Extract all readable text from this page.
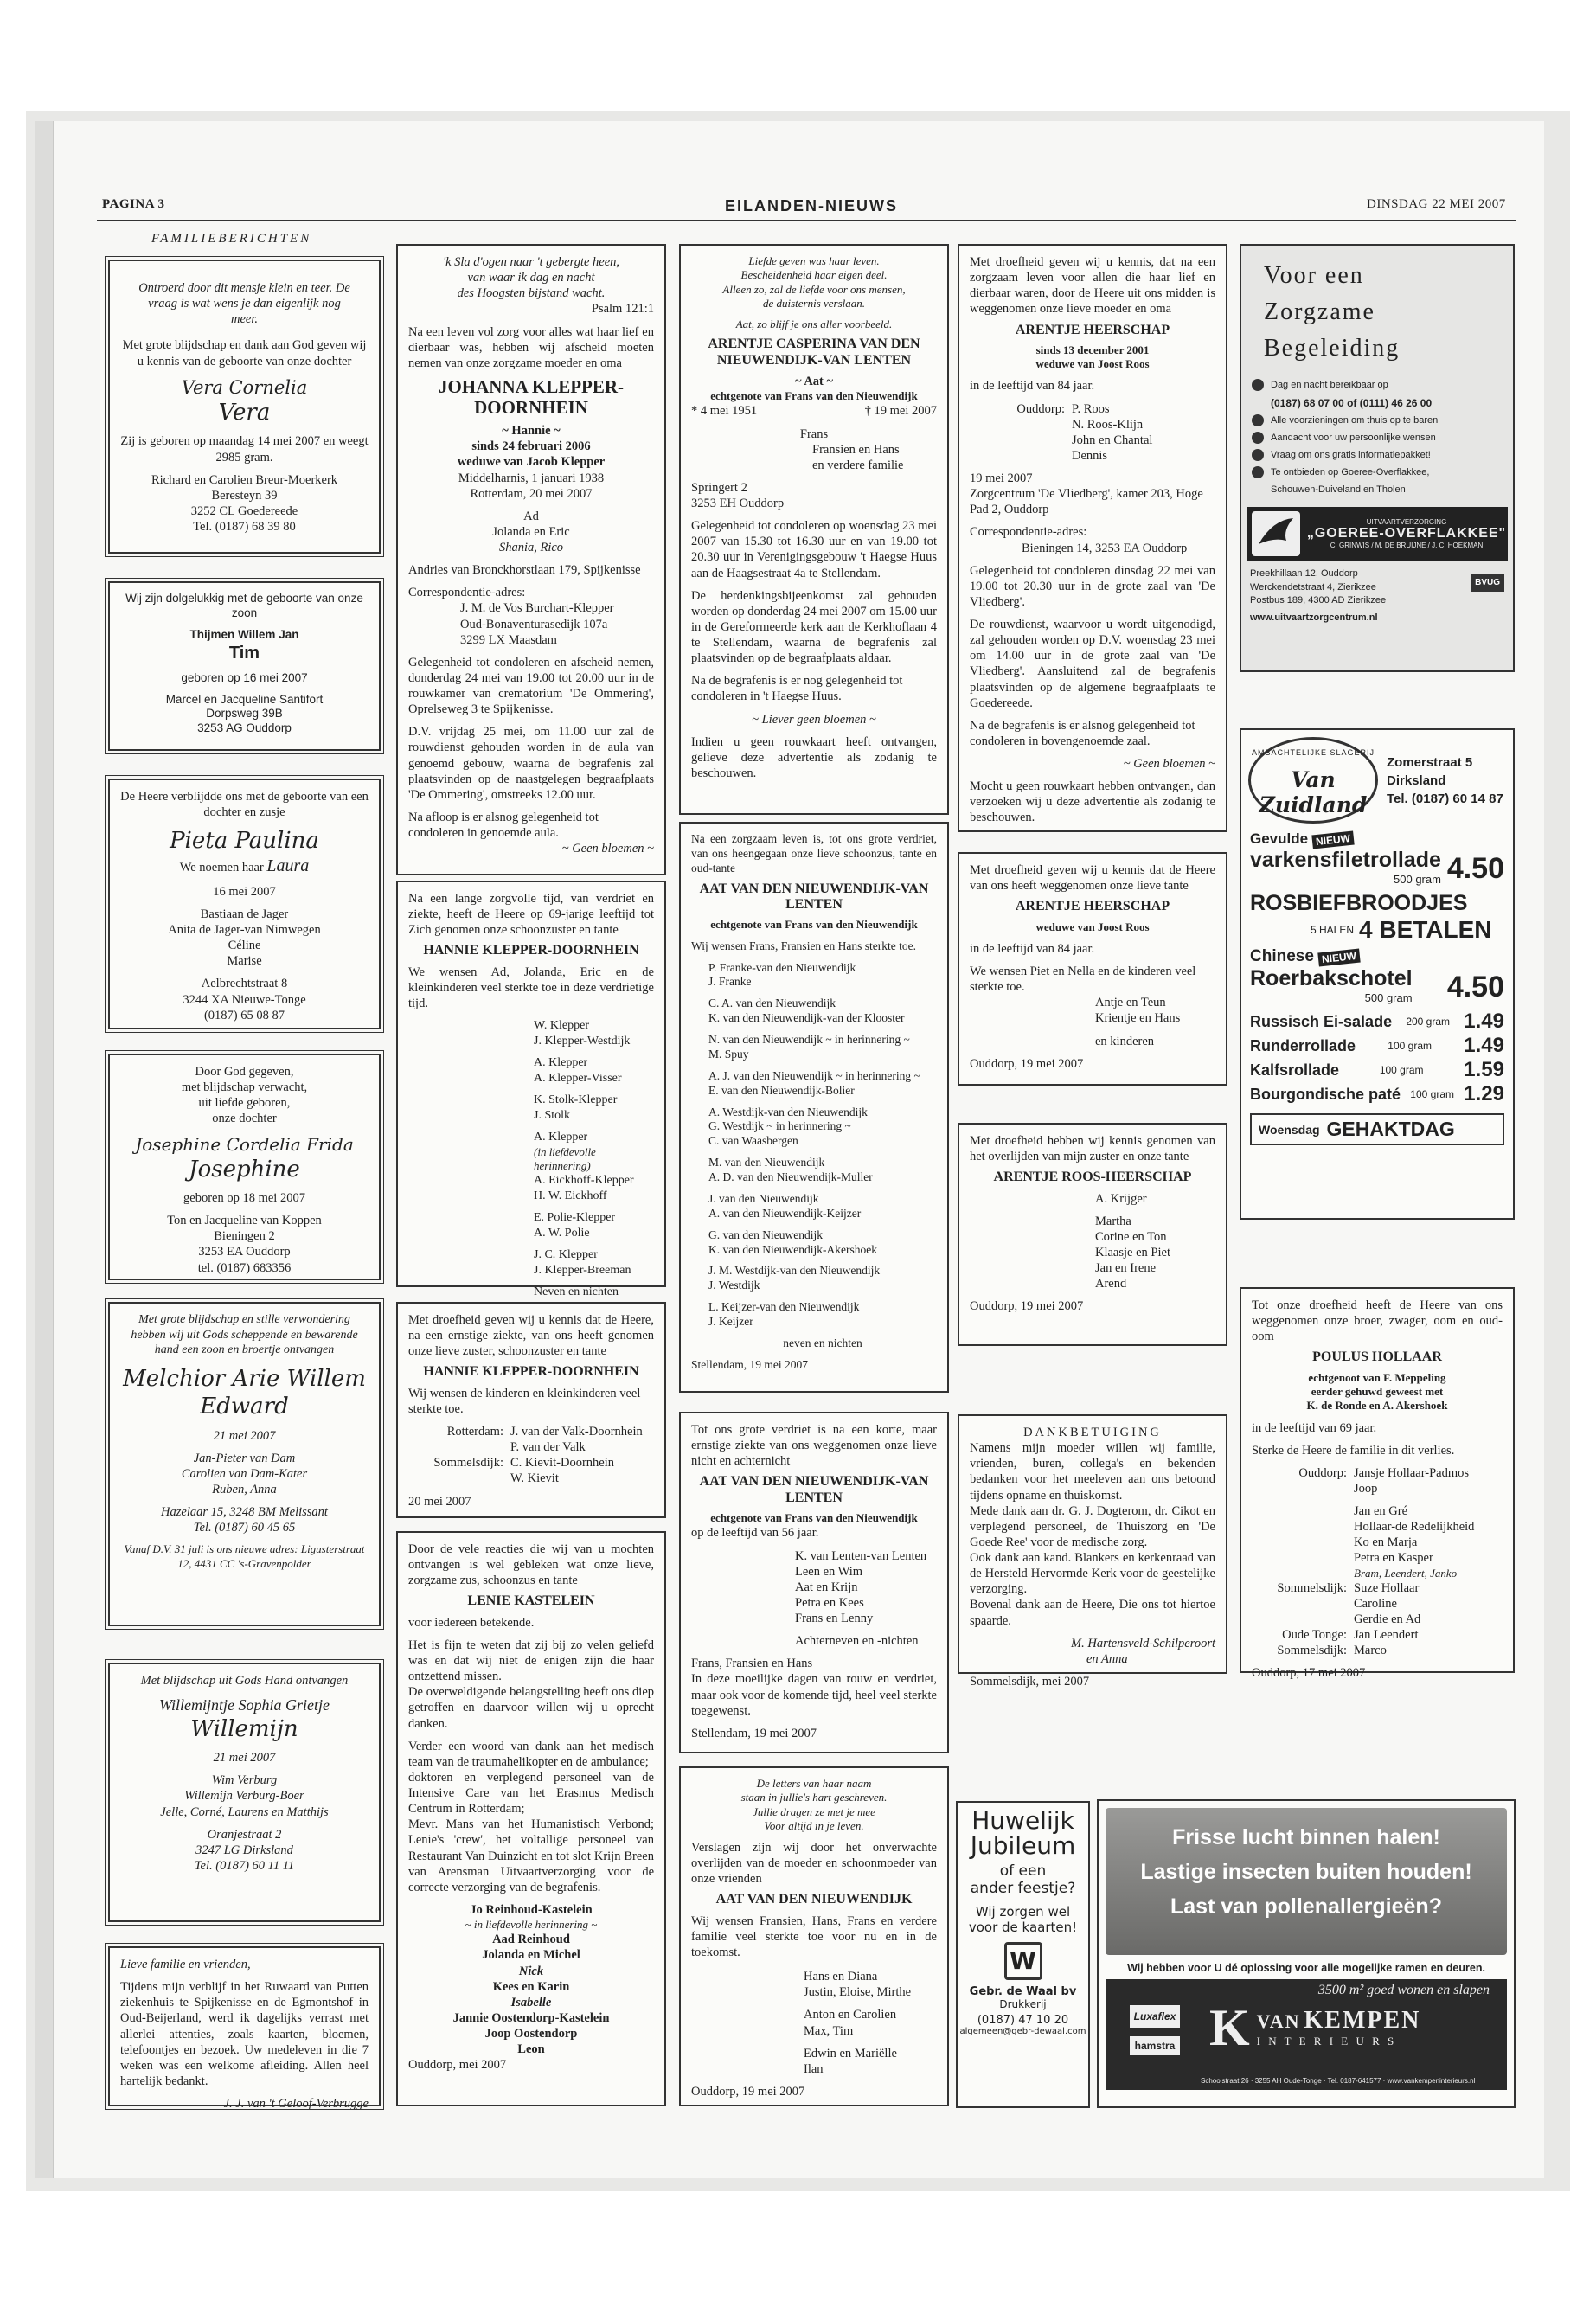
PAGINA 3	EILANDEN-NIEUWS	DINSDAG 22 MEI 2007
FAMILIEBERICHTEN
Ontroerd door dit mensje klein en teer. De vraag is wat wens je dan eigenlijk nog meer.
Met grote blijdschap en dank aan God geven wij u kennis van de geboorte van onze dochter
Vera Cornelia
Vera
Zij is geboren op maandag 14 mei 2007 en weegt 2985 gram.
Richard en Carolien Breur-Moerkerk
Beresteyn 39
3252 CL Goedereede
Tel. (0187) 68 39 80
Wij zijn dolgelukkig met de geboorte van onze zoon
Thijmen Willem Jan
Tim
geboren op 16 mei 2007
Marcel en Jacqueline Santifort
Dorpsweg 39B
3253 AG Ouddorp
De Heere verblijdde ons met de geboorte van een dochter en zusje
Pieta Paulina
We noemen haar Laura
16 mei 2007
Bastiaan de Jager
Anita de Jager-van Nimwegen
Céline
Marise
Aelbrechtstraat 8
3244 XA Nieuwe-Tonge
(0187) 65 08 87
Door God gegeven,
met blijdschap verwacht,
uit liefde geboren,
onze dochter
Josephine Cordelia Frida
Josephine
geboren op 18 mei 2007
Ton en Jacqueline van Koppen
Bieningen 2
3253 EA Ouddorp
tel. (0187) 683356
Met grote blijdschap en stille verwondering hebben wij uit Gods scheppende en bewarende hand een zoon en broertje ontvangen
Melchior Arie Willem
Edward
21 mei 2007
Jan-Pieter van Dam
Carolien van Dam-Kater
Ruben, Anna
Hazelaar 15, 3248 BM Melissant
Tel. (0187) 60 45 65
Vanaf D.V. 31 juli is ons nieuwe adres: Ligusterstraat 12, 4431 CC 's-Gravenpolder
Met blijdschap uit Gods Hand ontvangen
Willemijntje Sophia Grietje
Willemijn
21 mei 2007
Wim Verburg
Willemijn Verburg-Boer
Jelle, Corné, Laurens en Matthijs
Oranjestraat 2
3247 LG Dirksland
Tel. (0187) 60 11 11
Lieve familie en vrienden,
Tijdens mijn verblijf in het Ruwaard van Putten ziekenhuis te Spijkenisse en de Egmontshof in Oud-Beijerland, werd ik dagelijks verrast met allerlei attenties, zoals kaarten, bloemen, telefoontjes en bezoek. Uw medeleven in die 7 weken was een welkome afleiding. Allen heel hartelijk bedankt.
J. J. van 't Geloof-Verbrugge
'k Sla d'ogen naar 't gebergte heen,
van waar ik dag en nacht
des Hoogsten bijstand wacht.
Psalm 121:1
Na een leven vol zorg voor alles wat haar lief en dierbaar was, hebben wij afscheid moeten nemen van onze zorgzame moeder en oma
JOHANNA KLEPPER-DOORNHEIN
~ Hannie ~
sinds 24 februari 2006
weduwe van Jacob Klepper
Middelharnis, 1 januari 1938
Rotterdam, 20 mei 2007
Ad
Jolanda en Eric
Shania, Rico
Andries van Bronckhorstlaan 179, Spijkenisse
Correspondentie-adres:
J. M. de Vos Burchart-Klepper
Oud-Bonaventurasedijk 107a
3299 LX Maasdam
Gelegenheid tot condoleren en afscheid nemen, donderdag 24 mei van 19.00 tot 20.00 uur in de rouwkamer van crematorium 'De Ommering', Oprelseweg 3 te Spijkenisse.
D.V. vrijdag 25 mei, om 11.00 uur zal de rouwdienst gehouden worden in de aula van genoemd gebouw, waarna de begrafenis zal plaatsvinden op de naastgelegen begraafplaats 'De Ommering', omstreeks 12.00 uur.
Na afloop is er alsnog gelegenheid tot condoleren in genoemde aula.
~ Geen bloemen ~
Na een lange zorgvolle tijd, van verdriet en ziekte, heeft de Heere op 69-jarige leeftijd tot Zich genomen onze schoonzuster en tante
HANNIE KLEPPER-DOORNHEIN
We wensen Ad, Jolanda, Eric en de kleinkinderen veel sterkte toe in deze verdrietige tijd.
W. Klepper
J. Klepper-Westdijk
A. Klepper
A. Klepper-Visser
K. Stolk-Klepper
J. Stolk
A. Klepper
(in liefdevolle herinnering)
A. Eickhoff-Klepper
H. W. Eickhoff
E. Polie-Klepper
A. W. Polie
J. C. Klepper
J. Klepper-Breeman
Neven en nichten
Met droefheid geven wij u kennis dat de Heere, na een ernstige ziekte, van ons heeft genomen onze lieve zuster, schoonzuster en tante
HANNIE KLEPPER-DOORNHEIN
Wij wensen de kinderen en kleinkinderen veel sterkte toe.
Rotterdam: J. van der Valk-Doornhein
P. van der Valk
Sommelsdijk: C. Kievit-Doornhein
W. Kievit
20 mei 2007
Door de vele reacties die wij van u mochten ontvangen is wel gebleken wat onze lieve, zorgzame zus, schoonzus en tante
LENIE KASTELEIN
voor iedereen betekende.
Het is fijn te weten dat zij bij zo velen geliefd was en dat wij niet de enigen zijn die haar ontzettend missen.
De overweldigende belangstelling heeft ons diep getroffen en daarvoor willen wij u oprecht danken.
Verder een woord van dank aan het medisch team van de traumahelikopter en de ambulance;
doktoren en verplegend personeel van de Intensive Care van het Erasmus Medisch Centrum in Rotterdam;
Mevr. Mans van het Humanistisch Verbond; Lenie's 'crew', het voltallige personeel van Restaurant Van Duinzicht en tot slot Krijn Breen van Arensman Uitvaartverzorging voor de correcte verzorging van de begrafenis.
Jo Reinhoud-Kastelein
~ in liefdevolle herinnering ~
Aad Reinhoud
Jolanda en Michel
Nick
Kees en Karin
Isabelle
Jannie Oostendorp-Kastelein
Joop Oostendorp
Leon
Ouddorp, mei 2007
Liefde geven was haar leven.
Bescheidenheid haar eigen deel.
Alleen zo, zal de liefde voor ons mensen,
de duisternis verslaan.
Aat, zo blijf je ons aller voorbeeld.
ARENTJE CASPERINA VAN DEN NIEUWENDIJK-VAN LENTEN
~ Aat ~
echtgenote van Frans van den Nieuwendijk
* 4 mei 1951	† 19 mei 2007
Frans
Fransien en Hans
en verdere familie
Springert 2
3253 EH Ouddorp
Gelegenheid tot condoleren op woensdag 23 mei 2007 van 15.30 tot 16.30 uur en van 19.00 tot 20.30 uur in Verenigingsgebouw 't Haegse Huus aan de Haagsestraat 4a te Stellendam.
De herdenkingsbijeenkomst zal gehouden worden op donderdag 24 mei 2007 om 15.00 uur in de Gereformeerde kerk aan de Kerkhoflaan 4 te Stellendam, waarna de begrafenis zal plaatsvinden op de begraafplaats aldaar.
Na de begrafenis is er nog gelegenheid tot condoleren in 't Haegse Huus.
~ Liever geen bloemen ~
Indien u geen rouwkaart heeft ontvangen, gelieve deze advertentie als zodanig te beschouwen.
Na een zorgzaam leven is, tot ons grote verdriet, van ons heengegaan onze lieve schoonzus, tante en oud-tante
AAT VAN DEN NIEUWENDIJK-VAN LENTEN
echtgenote van Frans van den Nieuwendijk
Wij wensen Frans, Fransien en Hans sterkte toe.
P. Franke-van den Nieuwendijk
J. Franke
C. A. van den Nieuwendijk
K. van den Nieuwendijk-van der Klooster
N. van den Nieuwendijk ~ in herinnering ~
M. Spuy
A. J. van den Nieuwendijk ~ in herinnering ~
E. van den Nieuwendijk-Bolier
A. Westdijk-van den Nieuwendijk
G. Westdijk ~ in herinnering ~
C. van Waasbergen
M. van den Nieuwendijk
A. D. van den Nieuwendijk-Muller
J. van den Nieuwendijk
A. van den Nieuwendijk-Keijzer
G. van den Nieuwendijk
K. van den Nieuwendijk-Akershoek
J. M. Westdijk-van den Nieuwendijk
J. Westdijk
L. Keijzer-van den Nieuwendijk
J. Keijzer
neven en nichten
Stellendam, 19 mei 2007
Tot ons grote verdriet is na een korte, maar ernstige ziekte van ons weggenomen onze lieve nicht en achternicht
AAT VAN DEN NIEUWENDIJK-VAN LENTEN
echtgenote van Frans van den Nieuwendijk
op de leeftijd van 56 jaar.
K. van Lenten-van Lenten
Leen en Wim
Aat en Krijn
Petra en Kees
Frans en Lenny
Achterneven en -nichten
Frans, Fransien en Hans
In deze moeilijke dagen van rouw en verdriet, maar ook voor de komende tijd, heel veel sterkte toegewenst.
Stellendam, 19 mei 2007
De letters van haar naam
staan in jullie's hart geschreven.
Jullie dragen ze met je mee
Voor altijd in je leven.
Verslagen zijn wij door het onverwachte overlijden van de moeder en schoonmoeder van onze vrienden
AAT VAN DEN NIEUWENDIJK
Wij wensen Fransien, Hans, Frans en verdere familie veel sterkte toe voor nu en in de toekomst.
Hans en Diana
Justin, Eloise, Mirthe
Anton en Carolien
Max, Tim
Edwin en Mariëlle
Ilan
Ouddorp, 19 mei 2007
Met droefheid geven wij u kennis, dat na een zorgzaam leven voor allen die haar lief en dierbaar waren, door de Heere uit ons midden is weggenomen onze lieve moeder en oma
ARENTJE HEERSCHAP
sinds 13 december 2001
weduwe van Joost Roos
in de leeftijd van 84 jaar.
Ouddorp: P. Roos
N. Roos-Klijn
John en Chantal
Dennis
19 mei 2007
Zorgcentrum 'De Vliedberg', kamer 203, Hoge Pad 2, Ouddorp
Correspondentie-adres:
Bieningen 14, 3253 EA Ouddorp
Gelegenheid tot condoleren dinsdag 22 mei van 19.00 tot 20.30 uur in de grote zaal van 'De Vliedberg'.
De rouwdienst, waarvoor u wordt uitgenodigd, zal gehouden worden op D.V. woensdag 23 mei om 14.00 uur in de grote zaal van 'De Vliedberg'. Aansluitend zal de begrafenis plaatsvinden op de algemene begraafplaats te Goedereede.
Na de begrafenis is er alsnog gelegenheid tot condoleren in bovengenoemde zaal.
~ Geen bloemen ~
Mocht u geen rouwkaart hebben ontvangen, dan verzoeken wij u deze advertentie als zodanig te beschouwen.
Met droefheid geven wij u kennis dat de Heere van ons heeft weggenomen onze lieve tante
ARENTJE HEERSCHAP
weduwe van Joost Roos
in de leeftijd van 84 jaar.
We wensen Piet en Nella en de kinderen veel sterkte toe.
Antje en Teun
Krientje en Hans
en kinderen
Ouddorp, 19 mei 2007
Met droefheid hebben wij kennis genomen van het overlijden van mijn zuster en onze tante
ARENTJE ROOS-HEERSCHAP
A. Krijger
Martha
Corine en Ton
Klaasje en Piet
Jan en Irene
Arend
Ouddorp, 19 mei 2007
DANKBETUIGING
Namens mijn moeder willen wij familie, vrienden, buren, collega's en bekenden bedanken voor het meeleven aan ons betoond tijdens opname en thuiskomst.
Mede dank aan dr. G. J. Dogterom, dr. Cikot en verplegend personeel, de Thuiszorg en 'De Goede Ree' voor de medische zorg.
Ook dank aan kand. Blankers en kerkenraad van de Hersteld Hervormde Kerk voor de geestelijke verzorging.
Bovenal dank aan de Heere, Die ons tot hiertoe spaarde.
M. Hartensveld-Schilperoort
en Anna
Sommelsdijk, mei 2007
Huwelijk
Jubileum
of een
ander feestje?
Wij zorgen wel
voor de kaarten!
W
Gebr. de Waal bv
Drukkerij
(0187) 47 10 20
algemeen@gebr-dewaal.com
Voor een
Zorgzame
Begeleiding
Dag en nacht bereikbaar op
(0187) 68 07 00 of (0111) 46 26 00
Alle voorzieningen om thuis op te baren
Aandacht voor uw persoonlijke wensen
Vraag om ons gratis informatiepakket!
Te ontbieden op Goeree-Overflakkee,
Schouwen-Duiveland en Tholen
UITVAARTVERZORGING
„GOEREE-OVERFLAKKEE"
C. GRINWIS / M. DE BRUIJNE / J. C. HOEKMAN
Preekhillaan 12, Ouddorp
Werckendetstraat 4, Zierikzee
Postbus 189, 4300 AD Zierikzee
www.uitvaartzorgcentrum.nl
BVUG
AMBACHTELIJKE SLAGERIJ
Van Zuidland
Zomerstraat 5
Dirksland
Tel. (0187) 60 14 87
Gevulde NIEUW
varkensfiletrollade
500 gram 4.50
ROSBIEFBROODJES
5 HALEN 4 BETALEN
Chinese NIEUW
Roerbakschotel
500 gram 4.50
Russisch Ei-salade 200 gram 1.49
Runderrollade	100 gram 1.49
Kalfsrollade	100 gram 1.59
Bourgondische paté 100 gram 1.29
Woensdag GEHAKTDAG
Tot onze droefheid heeft de Heere van ons weggenomen onze broer, zwager, oom en oud-oom
POULUS HOLLAAR
echtgenoot van F. Meppeling
eerder gehuwd geweest met
K. de Ronde en A. Akershoek
in de leeftijd van 69 jaar.
Sterke de Heere de familie in dit verlies.
Ouddorp: Jansje Hollaar-Padmos
Joop
Jan en Gré
Hollaar-de Redelijkheid
Ko en Marja
Petra en Kasper
Bram, Leendert, Janko
Sommelsdijk: Suze Hollaar
Caroline
Gerdie en Ad
Oude Tonge: Jan Leendert
Sommelsdijk: Marco
Ouddorp, 17 mei 2007
Frisse lucht binnen halen!
Lastige insecten buiten houden!
Last van pollenallergieën?
Wij hebben voor U dé oplossing voor alle mogelijke ramen en deuren.
3500 m² goed wonen en slapen
Luxaflex
hamstra K VAN KEMPEN
I N T E R I E U R S
Schoolstraat 26 · 3255 AH Oude-Tonge · Tel. 0187-641577 · www.vankempeninterieurs.nl
